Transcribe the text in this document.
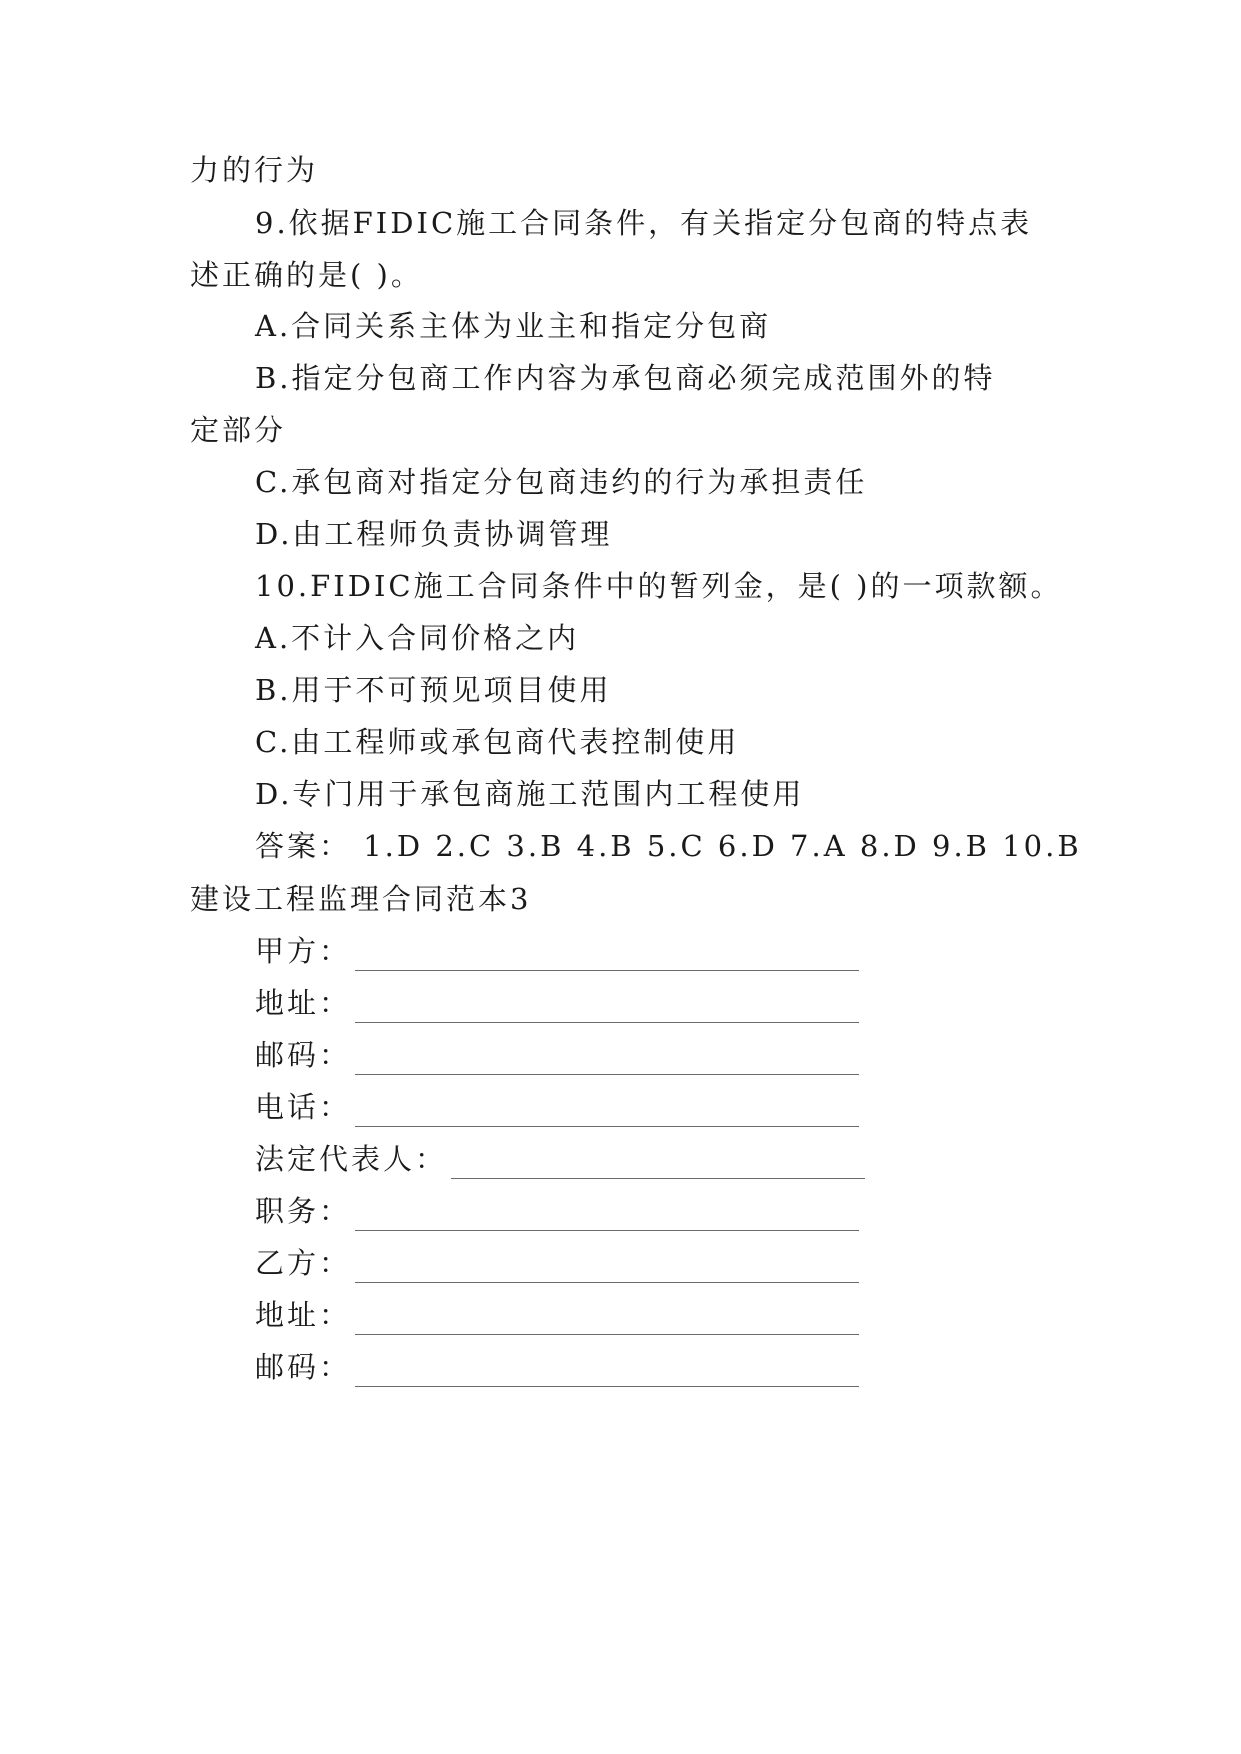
力的行为
9.依据FIDIC施工合同条件，有关指定分包商的特点表
述正确的是( )。
A.合同关系主体为业主和指定分包商
B.指定分包商工作内容为承包商必须完成范围外的特
定部分
C.承包商对指定分包商违约的行为承担责任
D.由工程师负责协调管理
10.FIDIC施工合同条件中的暂列金，是( )的一项款额。
A.不计入合同价格之内
B.用于不可预见项目使用
C.由工程师或承包商代表控制使用
D.专门用于承包商施工范围内工程使用
答案： 1.D 2.C 3.B 4.B 5.C 6.D 7.A 8.D 9.B 10.B
建设工程监理合同范本3
甲方：
地址：
邮码：
电话：
法定代表人：
职务：
乙方：
地址：
邮码：
